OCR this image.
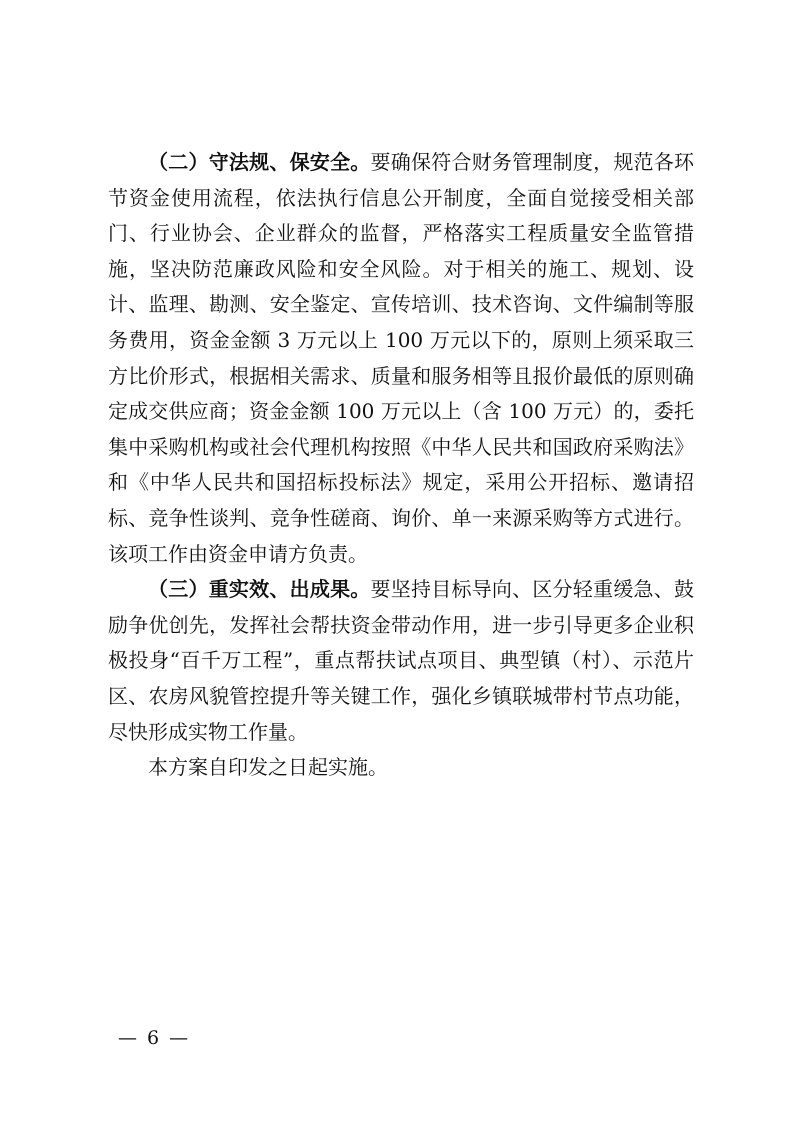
（二）守法规、保安全。要确保符合财务管理制度，规范各环节资金使用流程，依法执行信息公开制度，全面自觉接受相关部门、行业协会、企业群众的监督，严格落实工程质量安全监管措施，坚决防范廉政风险和安全风险。对于相关的施工、规划、设计、监理、勘测、安全鉴定、宣传培训、技术咨询、文件编制等服务费用，资金金额 3 万元以上 100 万元以下的，原则上须采取三方比价形式，根据相关需求、质量和服务相等且报价最低的原则确定成交供应商；资金金额 100 万元以上（含 100 万元）的，委托集中采购机构或社会代理机构按照《中华人民共和国政府采购法》和《中华人民共和国招标投标法》规定，采用公开招标、邀请招标、竞争性谈判、竞争性磋商、询价、单一来源采购等方式进行。该项工作由资金申请方负责。

（三）重实效、出成果。要坚持目标导向、区分轻重缓急、鼓励争优创先，发挥社会帮扶资金带动作用，进一步引导更多企业积极投身“百千万工程”，重点帮扶试点项目、典型镇（村）、示范片区、农房风貌管控提升等关键工作，强化乡镇联城带村节点功能，尽快形成实物工作量。

本方案自印发之日起实施。

— 6 —
